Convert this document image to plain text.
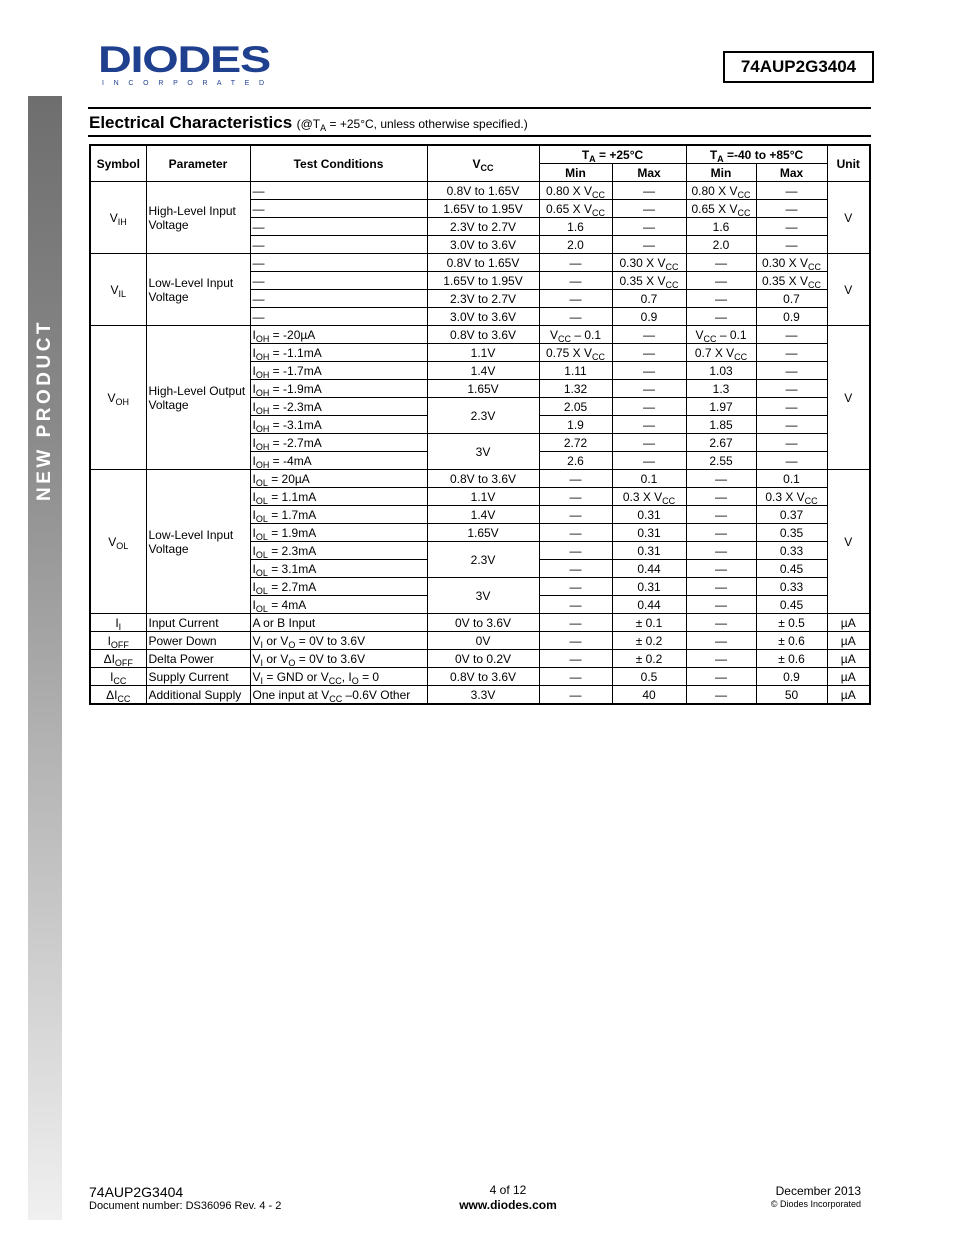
NEW PRODUCT
DIODES
I N C O R P O R A T E D
74AUP2G3404
Electrical Characteristics ($@T_A = +25^\circ C$, unless otherwise specified.)
Symbol	Parameter	Test Conditions	$V_{CC}$	$T_A = +25^\circ C$		$T_A =-40$ to +85°C		Unit
				Min	Max	Min	Max	
$V_{IH}$	High-Level Input Voltage	—	0.8V to 1.65V	0.80 X $V_{CC}$	—	0.80 X $V_{CC}$	—	V
		—	1.65V to 1.95V	0.65 X $V_{CC}$	—	0.65 X $V_{CC}$	—	
		—	2.3V to 2.7V	1.6	—	1.6	—	
		—	3.0V to 3.6V	2.0	—	2.0	—	
$V_{IL}$	Low-Level Input Voltage	—	0.8V to 1.65V	—	0.30 X $V_{CC}$	—	0.30 X $V_{CC}$	V
		—	1.65V to 1.95V	—	0.35 X $V_{CC}$	—	0.35 X $V_{CC}$
		—	2.3V to 2.7V	—	0.7	—	0.7	
		—	3.0V to 3.6V	—	0.9	—	0.9	
$V_{OH}$	High-Level Output Voltage	$I_{OH} = -20\mu A$	0.8V to 3.6V	$V_{CC} - 0.1$	—	$V_{CC} - 0.1$	—	V
		$I_{OH} = -1.1mA$	1.1V	0.75 X $V_{CC}$	—	0.7 X $V_{CC}$	—	
		$I_{OH} = -1.7mA$	1.4V	1.11	—	1.03	—	
		$I_{OH} = -1.9mA$	1.65V	1.32	—	1.3	—	
		$I_{OH} = -2.3mA$	2.3V	2.05	—	1.97	—	
		$I_{OH} = -3.1mA$		1.9	—	1.85	—	
		$I_{OH} = -2.7mA$	3V	2.72	—	2.67	—	
		$I_{OH} = -4mA$		2.6	—	2.55	—	
$V_{OL}$	Low-Level Input Voltage	$I_{OL} = 20\mu A$	0.8V to 3.6V	—	0.1	—	0.1	V
		$I_{OL} = 1.1mA$	1.1V	—	0.3 X $V_{CC}$	—	0.3 X $V_{CC}$
		$I_{OL} = 1.7mA$	1.4V	—	0.31	—	0.37	
		$I_{OL} = 1.9mA$	1.65V	—	0.31	—	0.35	
		$I_{OL} = 2.3mA$	2.3V	—	0.31	—	0.33	
		$I_{OL} = 3.1mA$		—	0.44	—	0.45	
		$I_{OL} = 2.7mA$	3V	—	0.31	—	0.33	
		$I_{OL} = 4mA$		—	0.44	—	0.45	
$I_I$	Input Current	A or B Input	0V to 3.6V	—	± 0.1	—	± 0.5	µA
$I_{OFF}$	Power Down	$V_I$ or $V_O = 0V$ to 3.6V	0V	—	± 0.2	—	± 0.6	µA
$\Delta I_{OFF}$	Delta Power	$V_I$ or $V_O = 0V$ to 3.6V	0V to 0.2V	—	± 0.2	—	± 0.6	µA
$I_{CC}$	Supply Current	$V_I$ = GND or $V_{CC}$, $I_O = 0$	0.8V to 3.6V	—	0.5	—	0.9	µA
$\Delta I_{CC}$	Additional Supply	One input at $V_{CC}$ –0.6V Other	3.3V	—	40	—	50	µA
74AUP2G3404
Document number: DS36096 Rev. 4 - 2
4 of 12
www.diodes.com
December 2013
© Diodes Incorporated
